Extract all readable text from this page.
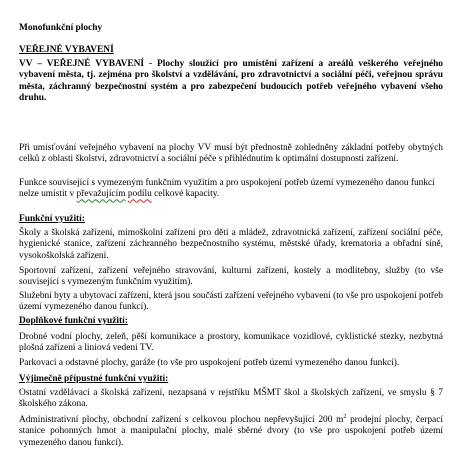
Monofunkční plochy

VEŘEJNÉ VYBAVENÍ

VV – VEŘEJNÉ VYBAVENÍ - Plochy sloužící pro umístění zařízení a areálů veškerého veřejného vybavení města, tj. zejména pro školství a vzdělávání, pro zdravotnictví a sociální péči, veřejnou správu města, záchranný bezpečnostní systém a pro zabezpečení budoucích potřeb veřejného vybavení všeho druhu.

Při umisťování veřejného vybavení na plochy VV musí být přednostně zohledněny základní potřeby obytných celků z oblasti školství, zdravotnictví a sociální péče s přihlédnutím k optimální dostupnosti zařízení.

Funkce související s vymezeným funkčním využitím a pro uspokojení potřeb území vymezeného danou funkcí nelze umístit v převažujícím podílu celkové kapacity.

Funkční využití:

Školy a školská zařízení, mimoškolní zařízení pro děti a mládež, zdravotnická zařízení, zařízení sociální péče, hygienické stanice, zařízení záchranného bezpečnostního systému, městské úřady, krematoria a obřadní síně, vysokoškolská zařízení.

Sportovní zařízení, zařízení veřejného stravování, kulturní zařízení, kostely a modlitebny, služby (to vše související s vymezeným funkčním využitím).

Služební byty a ubytovací zařízení, která jsou součástí zařízení veřejného vybavení (to vše pro uspokojení potřeb území vymezeného danou funkcí).

Doplňkové funkční využití:

Drobné vodní plochy, zeleň, pěší komunikace a prostory, komunikace vozidlové, cyklistické stezky, nezbytná plošná zařízení a liniová vedení TV.

Parkovací a odstavné plochy, garáže (to vše pro uspokojení potřeb území vymezeného danou funkcí).

Výjimečně přípustné funkční využití:

Ostatní vzdělávací a školská zařízení, nezapsaná v rejstříku MŠMT škol a školských zařízení, ve smyslu § 7 školského zákona.

Administrativní plochy, obchodní zařízení s celkovou plochou nepřevyšující 200 $m^2$ prodejní plochy, čerpací stanice pohonných hmot a manipulační plochy, malé sběrné dvory (to vše pro uspokojení potřeb území vymezeného danou funkcí).
